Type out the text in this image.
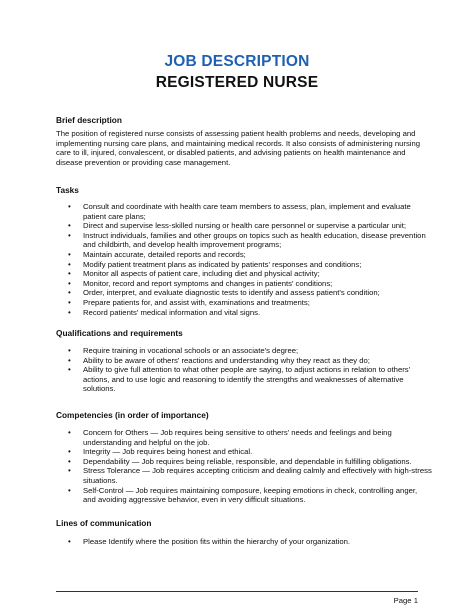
JOB DESCRIPTION
REGISTERED NURSE
Brief description

The position of registered nurse consists of assessing patient health problems and needs, developing and implementing nursing care plans, and maintaining medical records. It also consists of administering nursing care to ill, injured, convalescent, or disabled patients, and advising patients on health maintenance and disease prevention or providing case management.

Tasks
• Consult and coordinate with health care team members to assess, plan, implement and evaluate patient care plans;
• Direct and supervise less-skilled nursing or health care personnel or supervise a particular unit;
• Instruct individuals, families and other groups on topics such as health education, disease prevention and childbirth, and develop health improvement programs;
• Maintain accurate, detailed reports and records;
• Modify patient treatment plans as indicated by patients' responses and conditions;
• Monitor all aspects of patient care, including diet and physical activity;
• Monitor, record and report symptoms and changes in patients' conditions;
• Order, interpret, and evaluate diagnostic tests to identify and assess patient's condition;
• Prepare patients for, and assist with, examinations and treatments;
• Record patients' medical information and vital signs.
Qualifications and requirements
• Require training in vocational schools or an associate's degree;
• Ability to be aware of others' reactions and understanding why they react as they do;
• Ability to give full attention to what other people are saying, to adjust actions in relation to others' actions, and to use logic and reasoning to identify the strengths and weaknesses of alternative solutions.
Competencies (in order of importance)
• Concern for Others — Job requires being sensitive to others' needs and feelings and being understanding and helpful on the job.
• Integrity — Job requires being honest and ethical.
• Dependability — Job requires being reliable, responsible, and dependable in fulfilling obligations.
• Stress Tolerance — Job requires accepting criticism and dealing calmly and effectively with high-stress situations.
• Self-Control — Job requires maintaining composure, keeping emotions in check, controlling anger, and avoiding aggressive behavior, even in very difficult situations.
Lines of communication
• Please Identify where the position fits within the hierarchy of your organization.
Page 1
